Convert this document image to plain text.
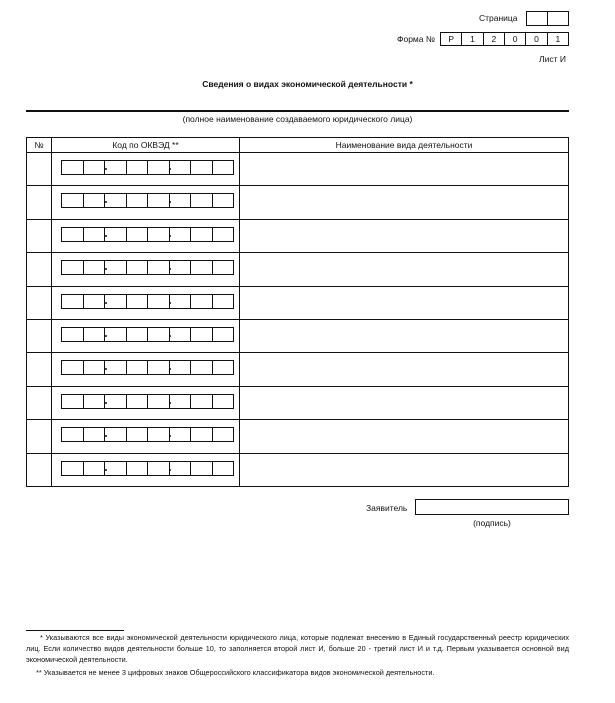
Страница
Форма №	Р	1	2	0	0	1
Лист И
Сведения о видах экономической деятельности *
(полное наименование создаваемого юридического лица)
№	Код по ОКВЭД **	Наименование вида деятельности
Заявитель
(подпись)
* Указываются все виды экономической деятельности юридического лица, которые подлежат внесению в Единый государственный реестр юридических лиц. Если количество видов деятельности больше 10, то заполняется второй лист И, больше 20 - третий лист И и т.д. Первым указывается основной вид экономической деятельности.
** Указывается не менее 3 цифровых знаков Общероссийского классификатора видов экономической деятельности.
